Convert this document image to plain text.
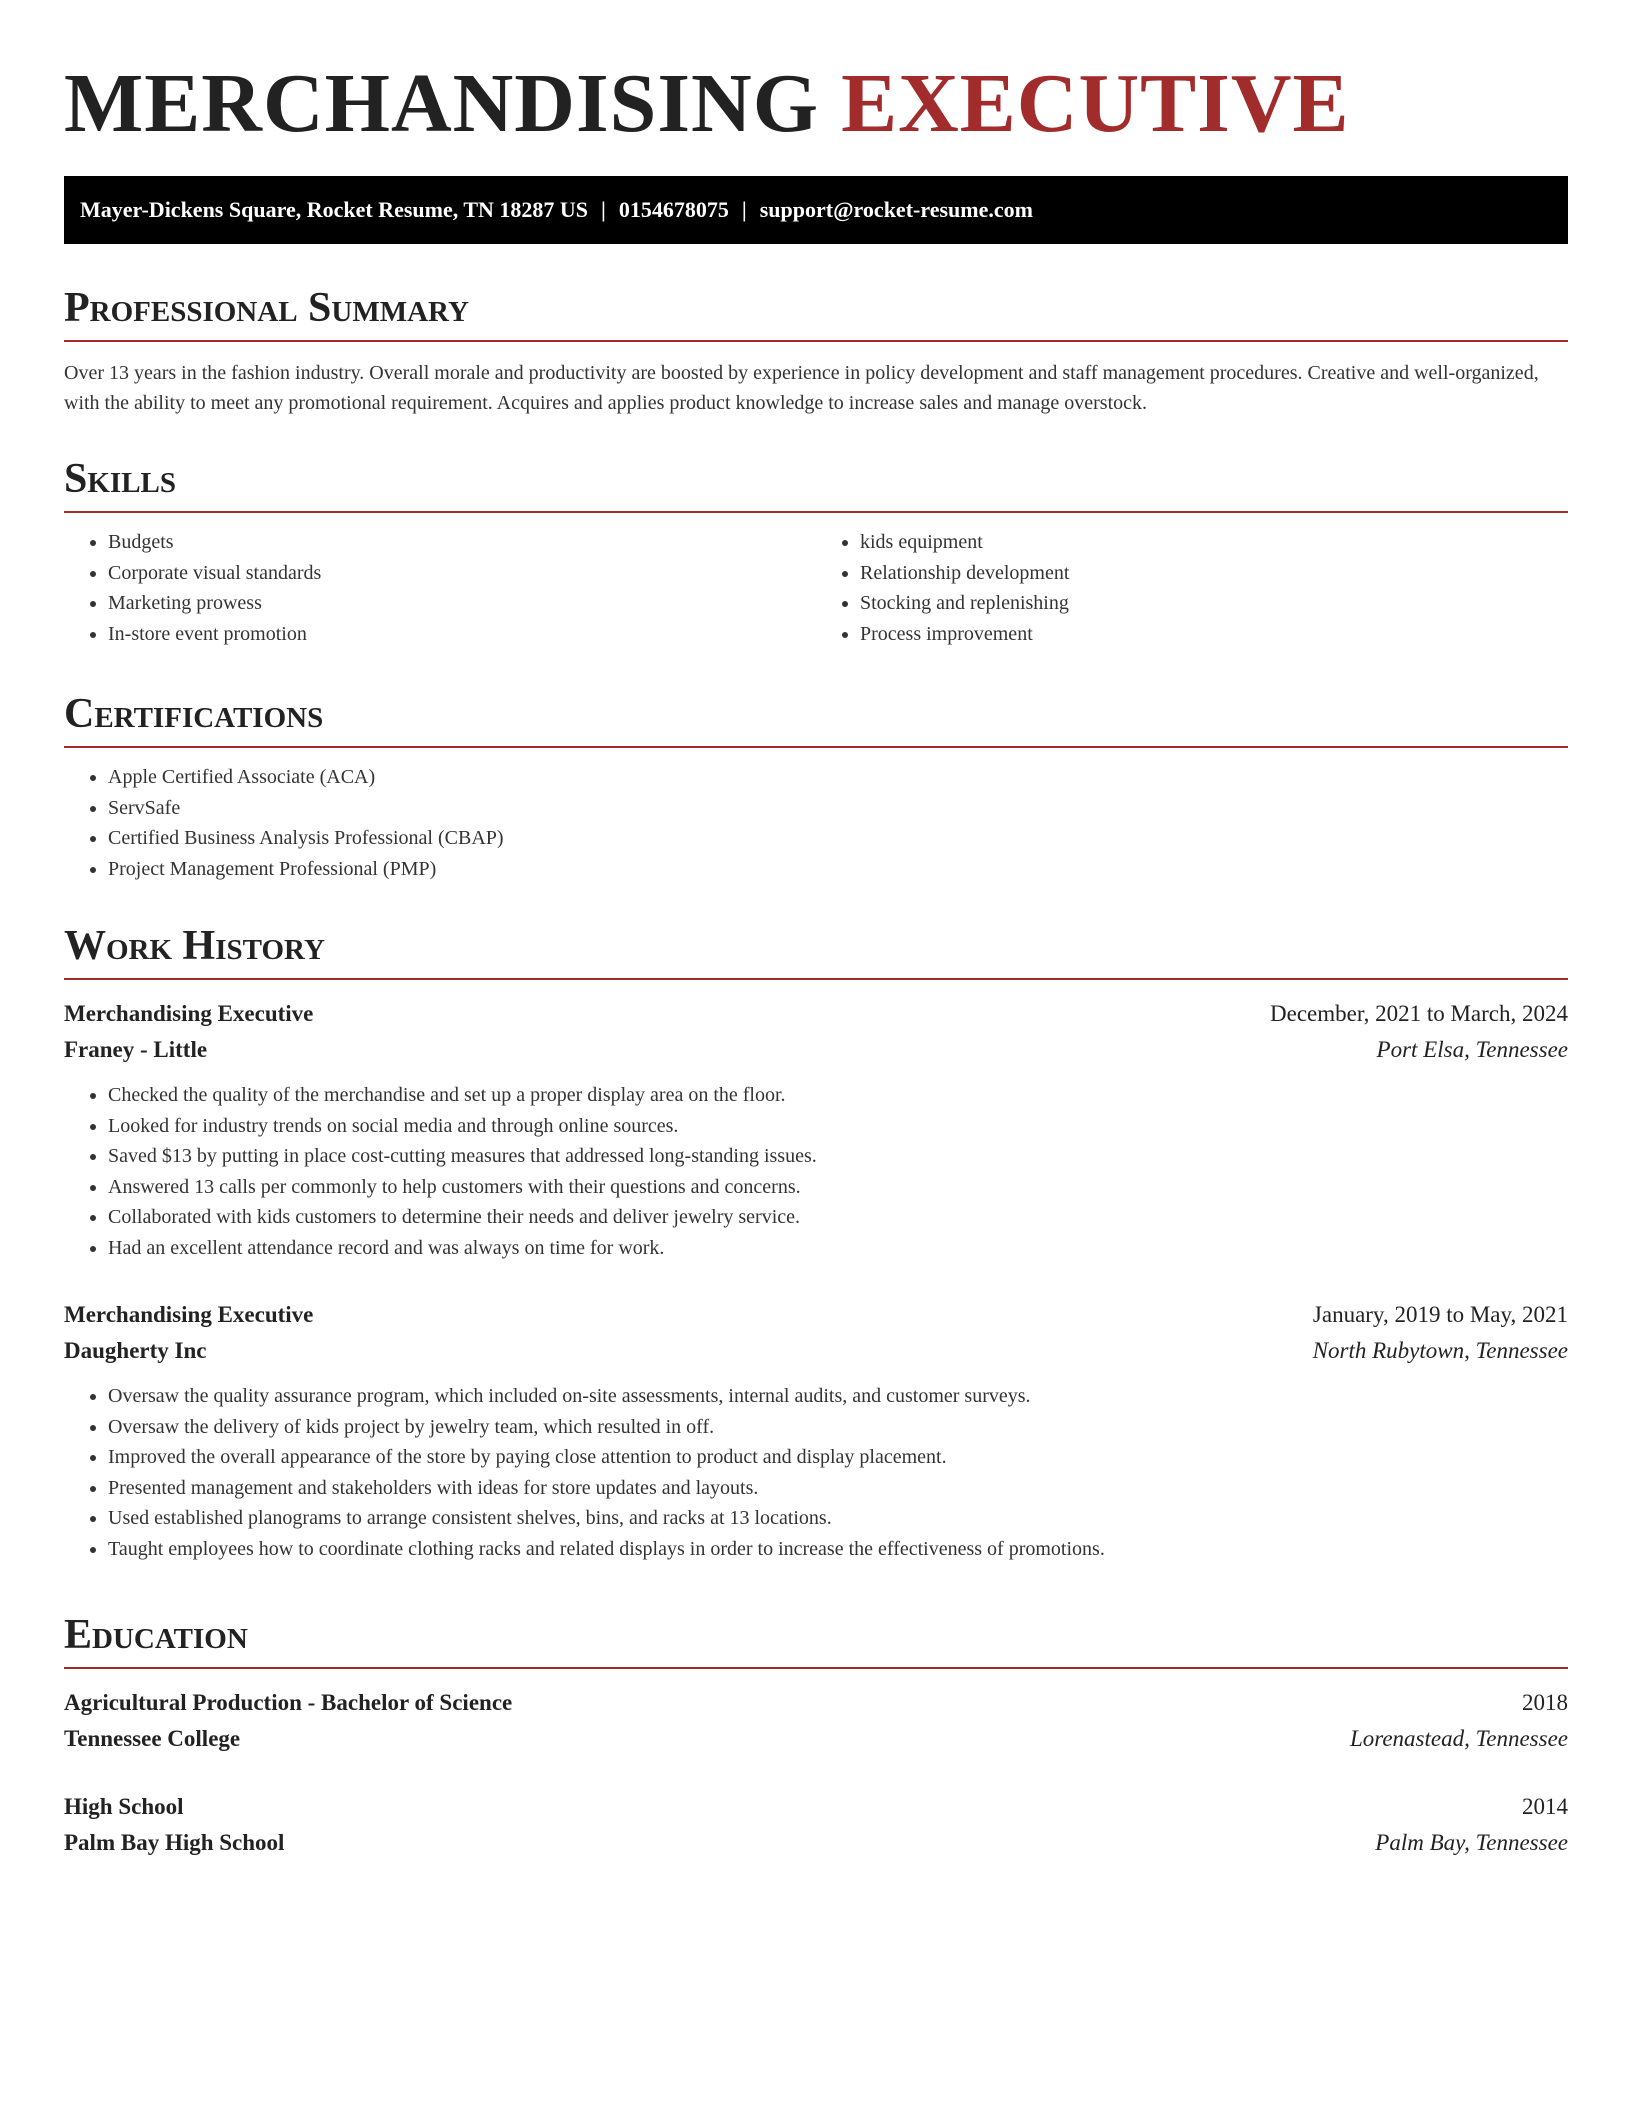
MERCHANDISING EXECUTIVE
Mayer-Dickens Square, Rocket Resume, TN 18287 US | 0154678075 | support@rocket-resume.com
Professional Summary

Over 13 years in the fashion industry. Overall morale and productivity are boosted by experience in policy development and staff management procedures. Creative and well-organized, with the ability to meet any promotional requirement. Acquires and applies product knowledge to increase sales and manage overstock.

Skills
• Budgets
• Corporate visual standards
• Marketing prowess
• In-store event promotion
• kids equipment
• Relationship development
• Stocking and replenishing
• Process improvement
Certifications
• Apple Certified Associate (ACA)
• ServSafe
• Certified Business Analysis Professional (CBAP)
• Project Management Professional (PMP)
Work History
Merchandising Executive	December, 2021 to March, 2024
Franey - Little	Port Elsa, Tennessee
• Checked the quality of the merchandise and set up a proper display area on the floor.
• Looked for industry trends on social media and through online sources.
• Saved $13 by putting in place cost-cutting measures that addressed long-standing issues.
• Answered 13 calls per commonly to help customers with their questions and concerns.
• Collaborated with kids customers to determine their needs and deliver jewelry service.
• Had an excellent attendance record and was always on time for work.
Merchandising Executive	January, 2019 to May, 2021
Daugherty Inc	North Rubytown, Tennessee
• Oversaw the quality assurance program, which included on-site assessments, internal audits, and customer surveys.
• Oversaw the delivery of kids project by jewelry team, which resulted in off.
• Improved the overall appearance of the store by paying close attention to product and display placement.
• Presented management and stakeholders with ideas for store updates and layouts.
• Used established planograms to arrange consistent shelves, bins, and racks at 13 locations.
• Taught employees how to coordinate clothing racks and related displays in order to increase the effectiveness of promotions.
Education
Agricultural Production - Bachelor of Science	2018
Tennessee College	Lorenastead, Tennessee
High School	2014
Palm Bay High School	Palm Bay, Tennessee
